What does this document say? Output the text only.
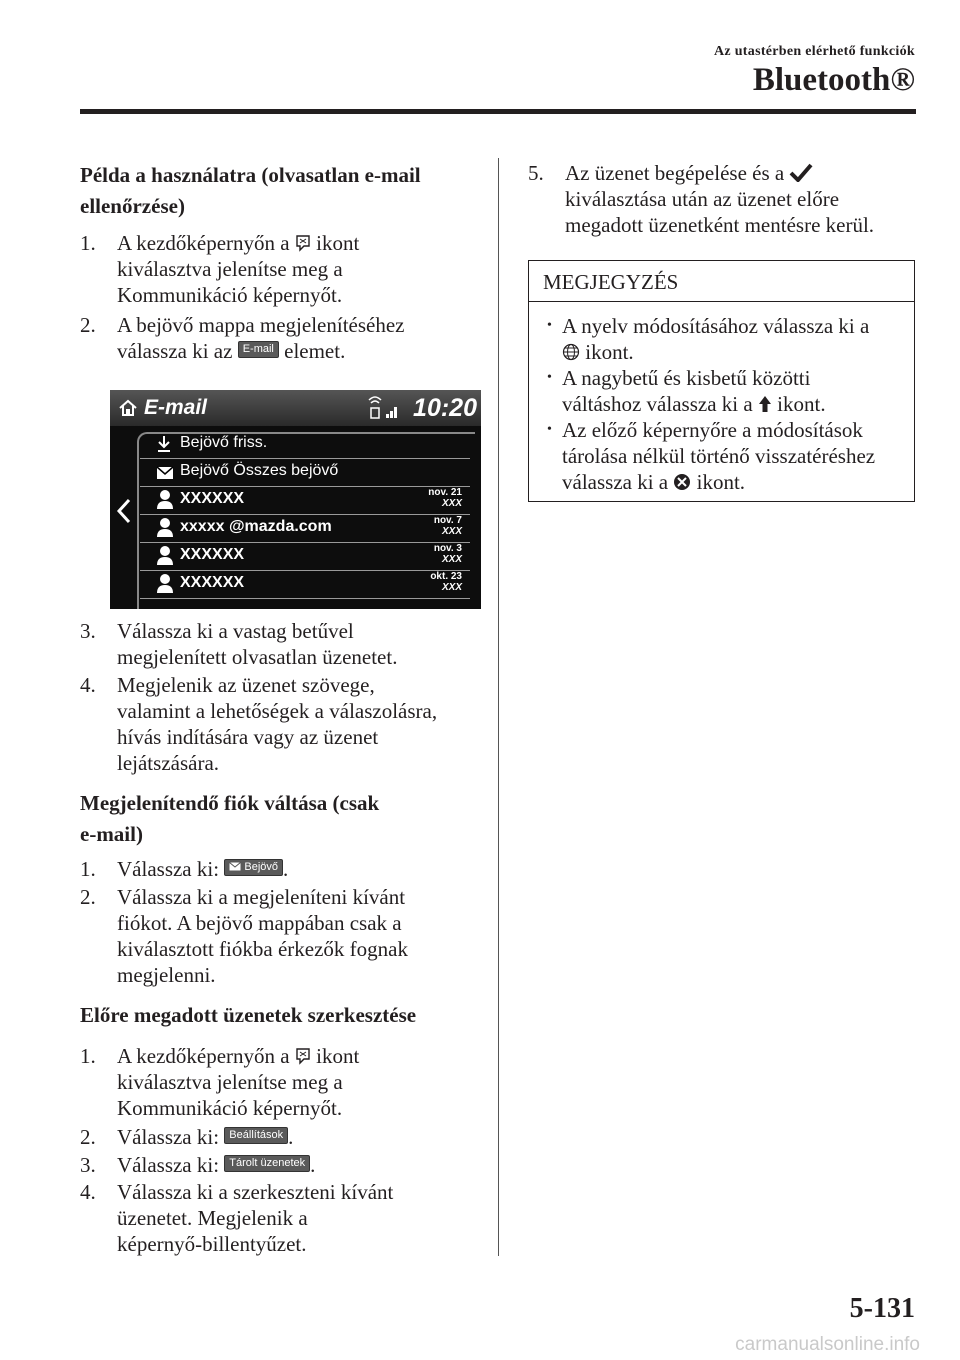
Az utastérben elérhető funkciók
Bluetooth®
Példa a használatra (olvasatlan e-mail
ellenőrzése)
1. A kezdőképernyőn a ikont
kiválasztva jelenítse meg a
Kommunikáció képernyőt.
2. A bejövő mappa megjelenítéséhez
válassza ki az E-mail elemet.
E-mail	10:20
Bejövő friss.
Bejövő Összes bejövő
XXXXXX	nov. 21
XXX
xxxxx @mazda.com	nov. 7
XXX
XXXXXX	nov. 3
XXX
XXXXXX	okt. 23
XXX
3. Válassza ki a vastag betűvel
megjelenített olvasatlan üzenetet.
4. Megjelenik az üzenet szövege,
valamint a lehetőségek a válaszolásra,
hívás indítására vagy az üzenet
lejátszására.
Megjelenítendő fiók váltása (csak
e-mail)
1. Válassza ki: Bejövő .
2. Válassza ki a megjeleníteni kívánt
fiókot. A bejövő mappában csak a
kiválasztott fiókba érkezők fognak
megjelenni.
Előre megadott üzenetek szerkesztése
1. A kezdőképernyőn a ikont
kiválasztva jelenítse meg a
Kommunikáció képernyőt.
2. Válassza ki: Beállítások .
3. Válassza ki: Tárolt üzenetek .
4. Válassza ki a szerkeszteni kívánt
üzenetet. Megjelenik a
képernyő-billentyűzet.
5. Az üzenet begépelése és a
kiválasztása után az üzenet előre
megadott üzenetként mentésre kerül.
MEGJEGYZÉS
• A nyelv módosításához válassza ki a
ikont.
• A nagybetű és kisbetű közötti
váltáshoz válassza ki a ikont.
• Az előző képernyőre a módosítások
tárolása nélkül történő visszatéréshez
válassza ki a ikont.
5-131
carmanualsonline.info
